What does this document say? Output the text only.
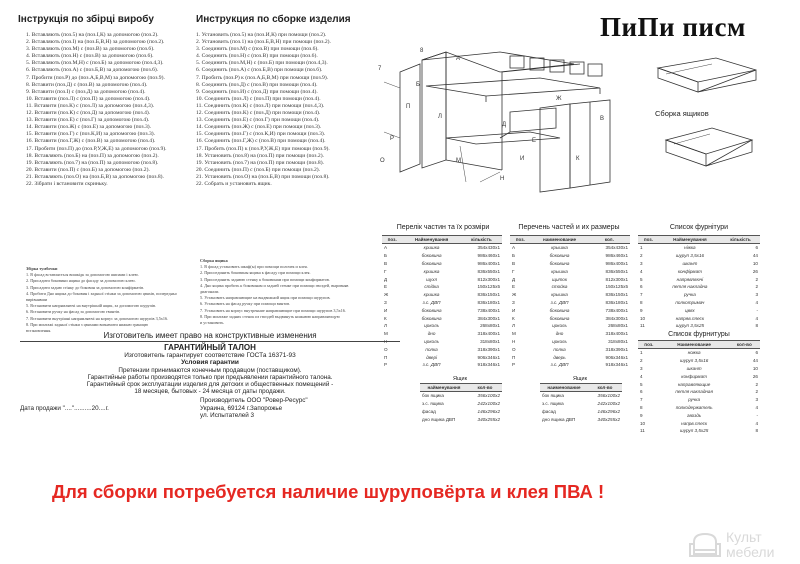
Інструкція по збірці виробу
1. Вставляють (поз.5) на (поз.І,К) за допомогою (поз.2).
2. Вставляють (поз.І) на (поз.Б,В,Н) за допомогою (поз.2).
3. Вставляють (поз.М) с (поз.В) за допомогою (поз.6).
4. Вставляють (поз.Н) с (поз.В) за допомогою (поз.6).
5. Вставляють (поз.М,Н) с (поз.Б) за допомогою (поз.4,3).
6. Вставляють (поз.А) с (поз.Б,В) за допомогою (поз.6).
7. Пробити (поз.Р) до (поз.А,Б,В,М) за допомогою (поз.9).
8. Вставити (поз.Д) с (поз.В) за допомогою (поз.4).
9. Вставити (поз.І) с (поз.Д) за допомогою (поз.4).
10. Вставити (поз.Л) с (поз.П) за допомогою (поз.4).
11. Вставити (поз.К) с (поз.Л) за допомогою (поз.4,3).
12. Вставити (поз.К) с (поз.Д) за допомогою (поз.4).
13. Вставити (поз.Е) с (поз.Г) за допомогою (поз.4).
14. Вставити (поз.Ж) с (поз.Е) за допомогою (поз.3).
15. Вставити (поз.Г) с (поз.К,И) за допомогою (поз.3).
16. Вставити (поз.Г,Ж) с (поз.В) за допомогою (поз.4).
17. Пробити (поз.П) до (поз.Р,У,Ж,Е) за допомогою (поз.9).
18. Вставляють (поз.Б) на (поз.П) за допомогою (поз.2).
19. Вставляють (поз.7) на (поз.П) за допомогою (поз.8).
20. Вставити (поз.П) с (поз.Б) за допомогою (поз.2).
21. Вставляють (поз.О) на (поз.Б,В) за допомогою (поз.8).
22. Зібрати і встановити скриньку.
Инструкция по сборке изделия
1. Установить (поз.5) на (поз.И,К) при помощи (поз.2).
2. Установить (поз.1) на (поз.Б,В,Н) при помощи (поз.2).
3. Соединить (поз.М) с (поз.В) при помощи (поз.6).
4. Соединить (поз.Н) с (поз.В) при помощи (поз.6).
5. Соединить (поз.М,Н) с (поз.Б) при помощи (поз.4,3).
6. Соединить (поз.А) с (поз.Б,В) при помощи (поз.6).
7. Пробить (поз.Р) к (поз.А,Б,В,М) при помощи (поз.9).
8. Соединить (поз.Д) с (поз.В) при помощи (поз.4).
9. Соединить (поз.И) с (поз.Д) при помощи (поз.4).
10. Соединить (поз.Л) с (поз.П) при помощи (поз.4).
11. Соединить (поз.К) с (поз.Л) при помощи (поз.4,3).
12. Соединить (поз.К) с (поз.Д) при помощи (поз.4).
13. Соединить (поз.Е) с (поз.Г) при помощи (поз.4).
14. Соединить (поз.Ж) с (поз.Е) при помощи (поз.3).
15. Соединить (поз.Г) с (поз.К,И) при помощи (поз.3).
16. Соединить (поз.Г,Ж) с (поз.В) при помощи (поз.4).
17. Пробить (поз.П) к (поз.Р,У,Ж,Е) при помощи (поз.9).
18. Установить (поз.8) на (поз.П) при помощи (поз.2).
19. Установить (поз.7) на (поз.П) при помощи (поз.8).
20. Соединить (поз.П) с (поз.Б) при помощи (поз.2).
21. Установить (поз.О) на (поз.Б,В) при помощи (поз.8).
22. Собрать и установить ящик.
ПиПи писм
А
Б
В
П
Л
Д
Ж
Е
Р
И	К
М
Н
О
7
8
Сборка ящиков
Збірка тумбочки
1. В фасад вставляється вишкідк за допомогою шипами і клею.
2. Присадити боковини ящика до фасаду за допомогою клею.
3. Присадити задню стінку до боковин за допомогою конфірматів.
4. Пробити Дно ящика до боковин і задньої стінки за допомогою цвяхів, попередньо
вирівнявши
5. Встановити напрямляючі на внутрішній ящик, за допомогою шурупів.
6. Встановити ручку на фасад за допомогою гвинтів.
7. Встановити внутрішні напрямляючі на корпус за допомогою шурупів 3,5х16.
8. При монтажі задньої стінки з цвяхами визначити нижню границю
встановлення.
Сборка ящика
1. В фасад установить шкаф(ы) при помощи полочек и клея.
2. Присоединить боковины ящика к фасаду при помощи клея.
3. Присоединить заднюю стенку к боковинам при помощи конфирматов.
4. Дно ящика пробить к боковинам и задней стенке при помощи гвоздей, выровняв диагонали.
5. Установить направляющие на выдвижной ящик при помощи шурупов.
6. Установить на фасад ручку при помощи винтов.
7. Установить на корпус внутренние направляющие при помощи шурупов 3,5х16.
8. При монтаже задних стенок из гвоздей выдвинуть нижнюю направляющую
и установить.
Перелік частин та їх розміри
поз.	Найменування	кількість
А	кришка	354х430х1
Б	боковина	986х460х1
В	боковина	986х400х1
Г	кришка	836х550х1
Д	шухл	812х300х1
Е	стійка	150х125х5
Ж	кришка	836х150х1
З	з.с. ДВП	836х180х1
И	боковина	738х400х1
К	боковина	384х300х1
Л	цоколь	268х80х1
М	дно	318х400х1
Н	цоколь	318х80х1
О	полка	318х390х1
П	двері	906х346х1
Р	з.с. ДВП	918х346х1
Перечень частей и их размеры
поз.	наименование	кол.
А	крышка	354х430х1
Б	боковина	986х460х1
В	боковина	986х400х1
Г	крышка	836х550х1
Д	щиток	812х300х1
Е	стойка	150х125х5
Ж	крышка	836х150х1
З	з.с. ДВП	836х180х1
И	боковина	738х400х1
К	боковина	384х300х1
Л	цоколь	268х80х1
М	дно	318х400х1
Н	цоколь	318х80х1
О	полка	318х390х1
П	дверь	906х346х1
Р	з.с. ДВП	918х346х1
Список фурнітури
поз.	Найменування	кількість
1	ніжка	6
2	шуруп 3,5х16	44
3	шкант	10
4	конфірмат	26
5	напрявляючі	2
6	петля накладна	2
7	ручка	3
8	полкотримач	4
9	цвях	-
10	напряв.плеск	4
11	шуруп 3,5х25	8
Список фурнитуры
поз.	Наименование	кол-во
1	ножка	6
2	шуруп 3,5х16	44
3	шкант	10
4	конфирмат	26
5	направляющие	2
6	петля накладная	2
7	ручка	3
8	полкодержатель	4
9	гвоздь	-
10	напрв.плеск	4
11	шуруп 3,5х25	8
Ящик
найменування	кол-во
бок ящика	356х100х2
з.с. ящика	242х100х2
фасад	146х296х2
дно ящика ДВП	340х255х2
Ящик
наименование	кол-во
бок ящика	356х100х2
з.с. ящика	242х100х2
фасад	146х296х2
дно ящика ДВП	340х255х2
Изготовитель имеет право на конструктивные изменения
ГАРАНТИЙНЫЙ ТАЛОН
Изготовитель гарантирует соответствие ГОСТа 16371-93
Условия гарантии
Претензии принимаются конечным продавцом (поставщиком).
Гарантийные работы производятся только при предъявлении гарантийного талона.
Гарантийный срок эксплуатации изделия для детских и общественных помещений -
18 месяцев, бытовых - 24 месяца от даты продажи.
Дата продажи "...."..........20....г.
Производитель ООО "Ровер-Ресурс"
Украина, 69124 г.Запорожье
ул. Испытателей 3
Для сборки потребуется наличие шуруповёрта и клея ПВА !
Культ
мебели
